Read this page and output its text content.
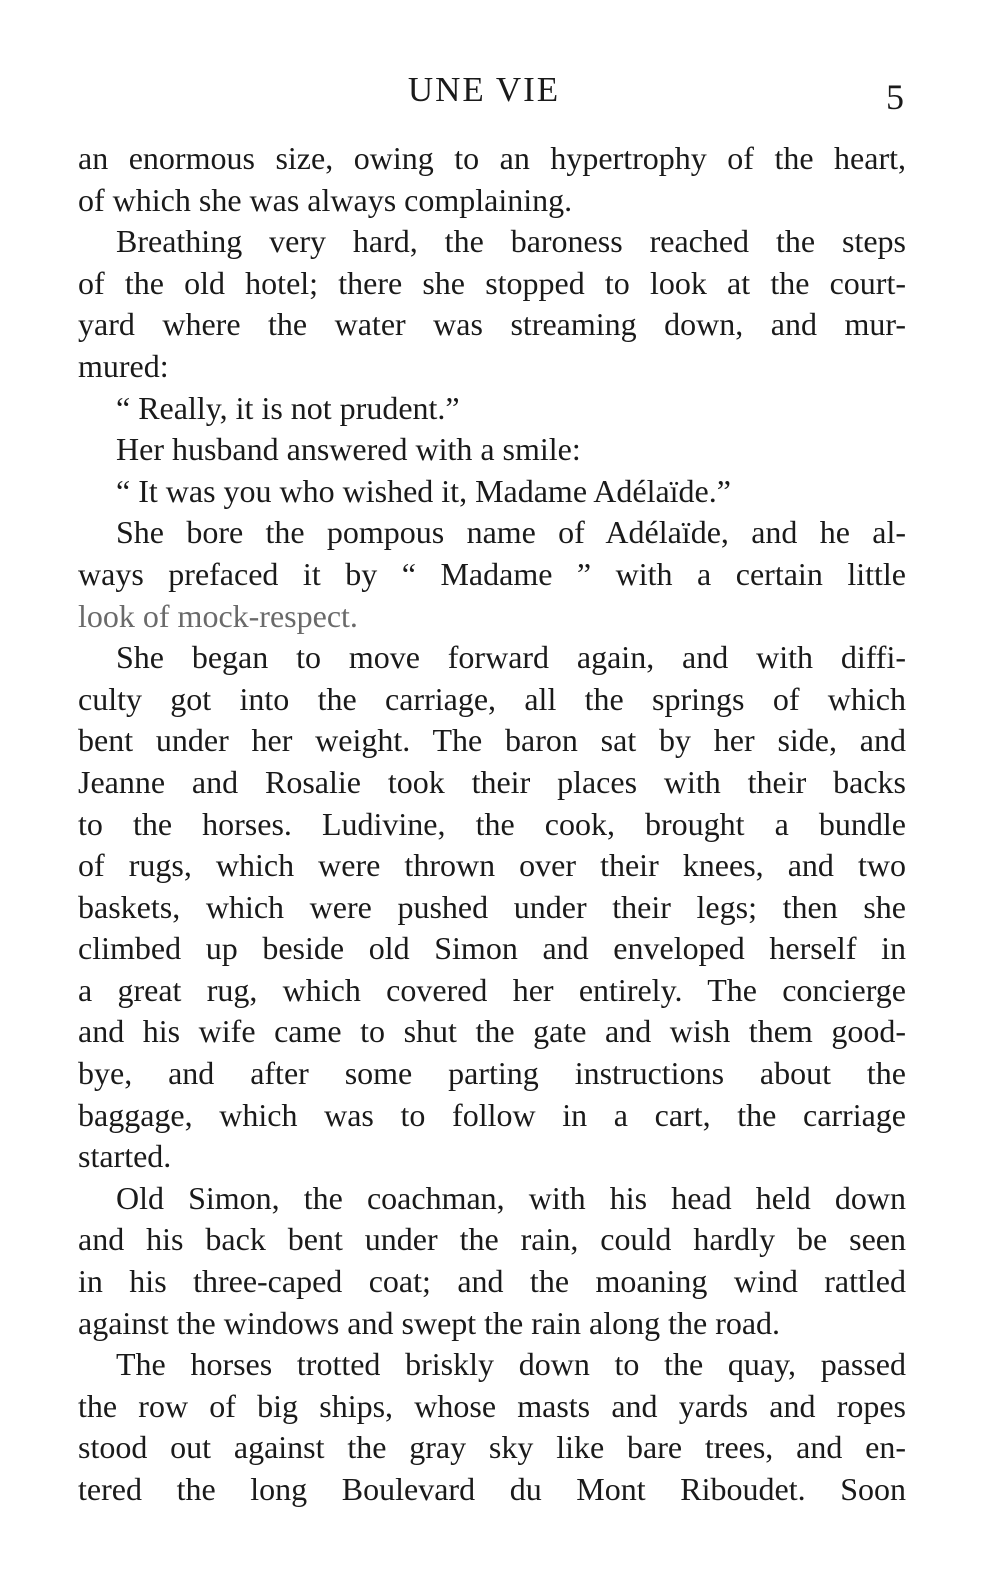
UNE VIE	5
an enormous size, owing to an hypertrophy of the heart,
of which she was always complaining.
Breathing very hard, the baroness reached the steps
of the old hotel; there she stopped to look at the court-
yard where the water was streaming down, and mur-
mured:
“ Really, it is not prudent.”
Her husband answered with a smile:
“ It was you who wished it, Madame Adélaïde.”
She bore the pompous name of Adélaïde, and he al-
ways prefaced it by “ Madame ” with a certain little
look of mock-respect.
She began to move forward again, and with diffi-
culty got into the carriage, all the springs of which
bent under her weight. The baron sat by her side, and
Jeanne and Rosalie took their places with their backs
to the horses. Ludivine, the cook, brought a bundle
of rugs, which were thrown over their knees, and two
baskets, which were pushed under their legs; then she
climbed up beside old Simon and enveloped herself in
a great rug, which covered her entirely. The concierge
and his wife came to shut the gate and wish them good-
bye, and after some parting instructions about the
baggage, which was to follow in a cart, the carriage
started.
Old Simon, the coachman, with his head held down
and his back bent under the rain, could hardly be seen
in his three-caped coat; and the moaning wind rattled
against the windows and swept the rain along the road.
The horses trotted briskly down to the quay, passed
the row of big ships, whose masts and yards and ropes
stood out against the gray sky like bare trees, and en-
tered the long Boulevard du Mont Riboudet. Soon
